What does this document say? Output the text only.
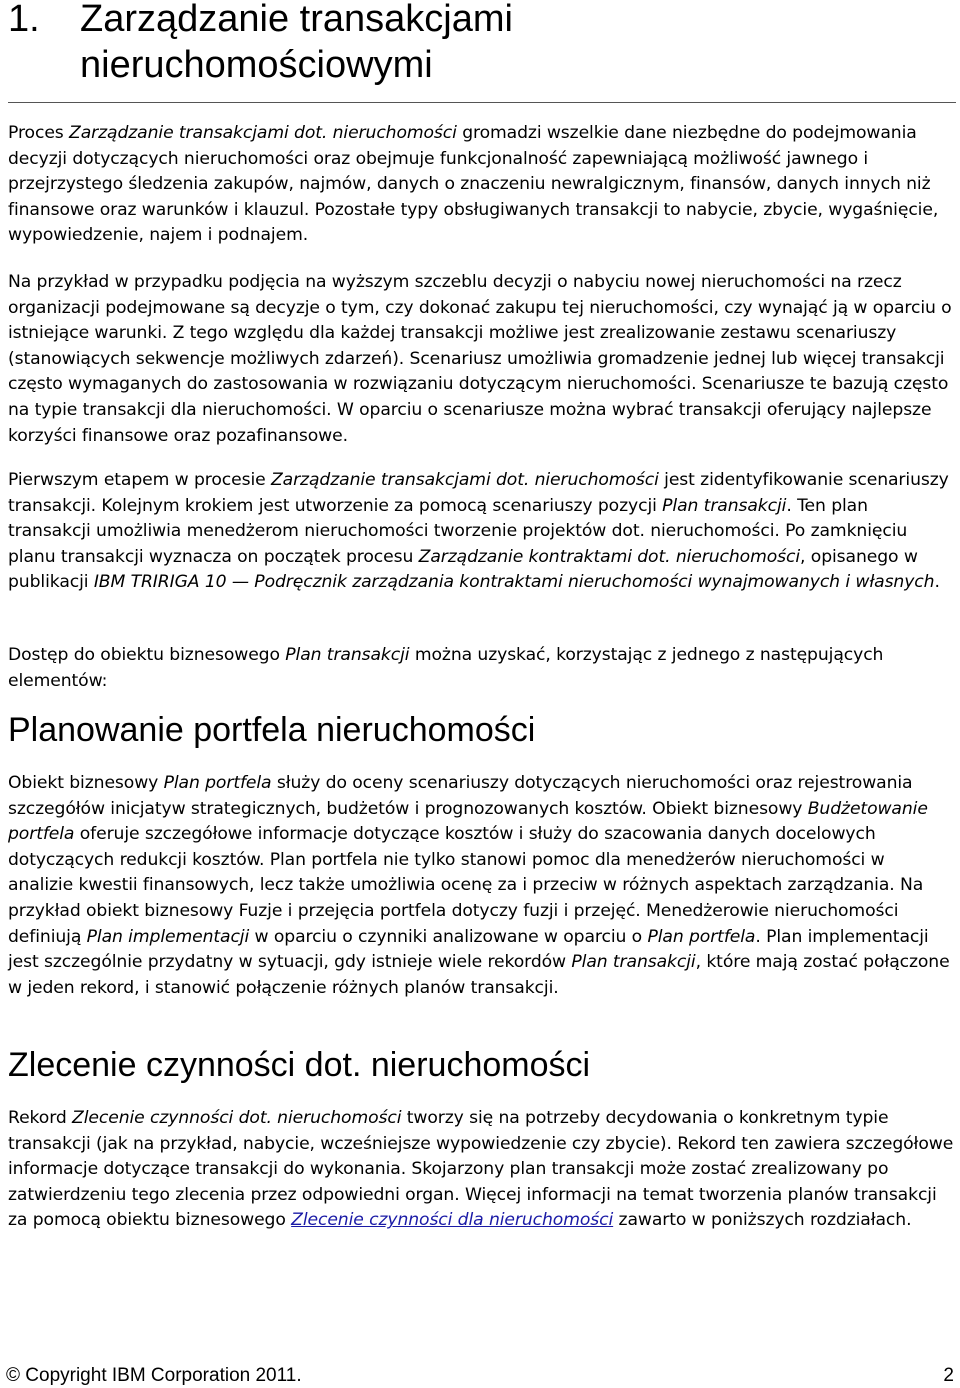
1.	Zarządzanie transakcjami
nieruchomościowymi

Proces Zarządzanie transakcjami dot. nieruchomości gromadzi wszelkie dane niezbędne do podejmowania decyzji dotyczących nieruchomości oraz obejmuje funkcjonalność zapewniającą możliwość jawnego i przejrzystego śledzenia zakupów, najmów, danych o znaczeniu newralgicznym, finansów, danych innych niż finansowe oraz warunków i klauzul. Pozostałe typy obsługiwanych transakcji to nabycie, zbycie, wygaśnięcie, wypowiedzenie, najem i podnajem.

Na przykład w przypadku podjęcia na wyższym szczeblu decyzji o nabyciu nowej nieruchomości na rzecz organizacji podejmowane są decyzje o tym, czy dokonać zakupu tej nieruchomości, czy wynająć ją w oparciu o istniejące warunki. Z tego względu dla każdej transakcji możliwe jest zrealizowanie zestawu scenariuszy (stanowiących sekwencje możliwych zdarzeń). Scenariusz umożliwia gromadzenie jednej lub więcej transakcji często wymaganych do zastosowania w rozwiązaniu dotyczącym nieruchomości. Scenariusze te bazują często na typie transakcji dla nieruchomości. W oparciu o scenariusze można wybrać transakcji oferujący najlepsze korzyści finansowe oraz pozafinansowe.

Pierwszym etapem w procesie Zarządzanie transakcjami dot. nieruchomości jest zidentyfikowanie scenariuszy transakcji. Kolejnym krokiem jest utworzenie za pomocą scenariuszy pozycji Plan transakcji. Ten plan transakcji umożliwia menedżerom nieruchomości tworzenie projektów dot. nieruchomości. Po zamknięciu planu transakcji wyznacza on początek procesu Zarządzanie kontraktami dot. nieruchomości, opisanego w publikacji IBM TRIRIGA 10 — Podręcznik zarządzania kontraktami nieruchomości wynajmowanych i własnych.

Dostęp do obiektu biznesowego Plan transakcji można uzyskać, korzystając z jednego z następujących elementów:

Planowanie portfela nieruchomości

Obiekt biznesowy Plan portfela służy do oceny scenariuszy dotyczących nieruchomości oraz rejestrowania szczegółów inicjatyw strategicznych, budżetów i prognozowanych kosztów. Obiekt biznesowy Budżetowanie portfela oferuje szczegółowe informacje dotyczące kosztów i służy do szacowania danych docelowych dotyczących redukcji kosztów. Plan portfela nie tylko stanowi pomoc dla menedżerów nieruchomości w analizie kwestii finansowych, lecz także umożliwia ocenę za i przeciw w różnych aspektach zarządzania. Na przykład obiekt biznesowy Fuzje i przejęcia portfela dotyczy fuzji i przejęć. Menedżerowie nieruchomości definiują Plan implementacji w oparciu o czynniki analizowane w oparciu o Plan portfela. Plan implementacji jest szczególnie przydatny w sytuacji, gdy istnieje wiele rekordów Plan transakcji, które mają zostać połączone w jeden rekord, i stanowić połączenie różnych planów transakcji.

Zlecenie czynności dot. nieruchomości

Rekord Zlecenie czynności dot. nieruchomości tworzy się na potrzeby decydowania o konkretnym typie transakcji (jak na przykład, nabycie, wcześniejsze wypowiedzenie czy zbycie). Rekord ten zawiera szczegółowe informacje dotyczące transakcji do wykonania. Skojarzony plan transakcji może zostać zrealizowany po zatwierdzeniu tego zlecenia przez odpowiedni organ. Więcej informacji na temat tworzenia planów transakcji za pomocą obiektu biznesowego Zlecenie czynności dla nieruchomości zawarto w poniższych rozdziałach.

© Copyright IBM Corporation 2011.	2
